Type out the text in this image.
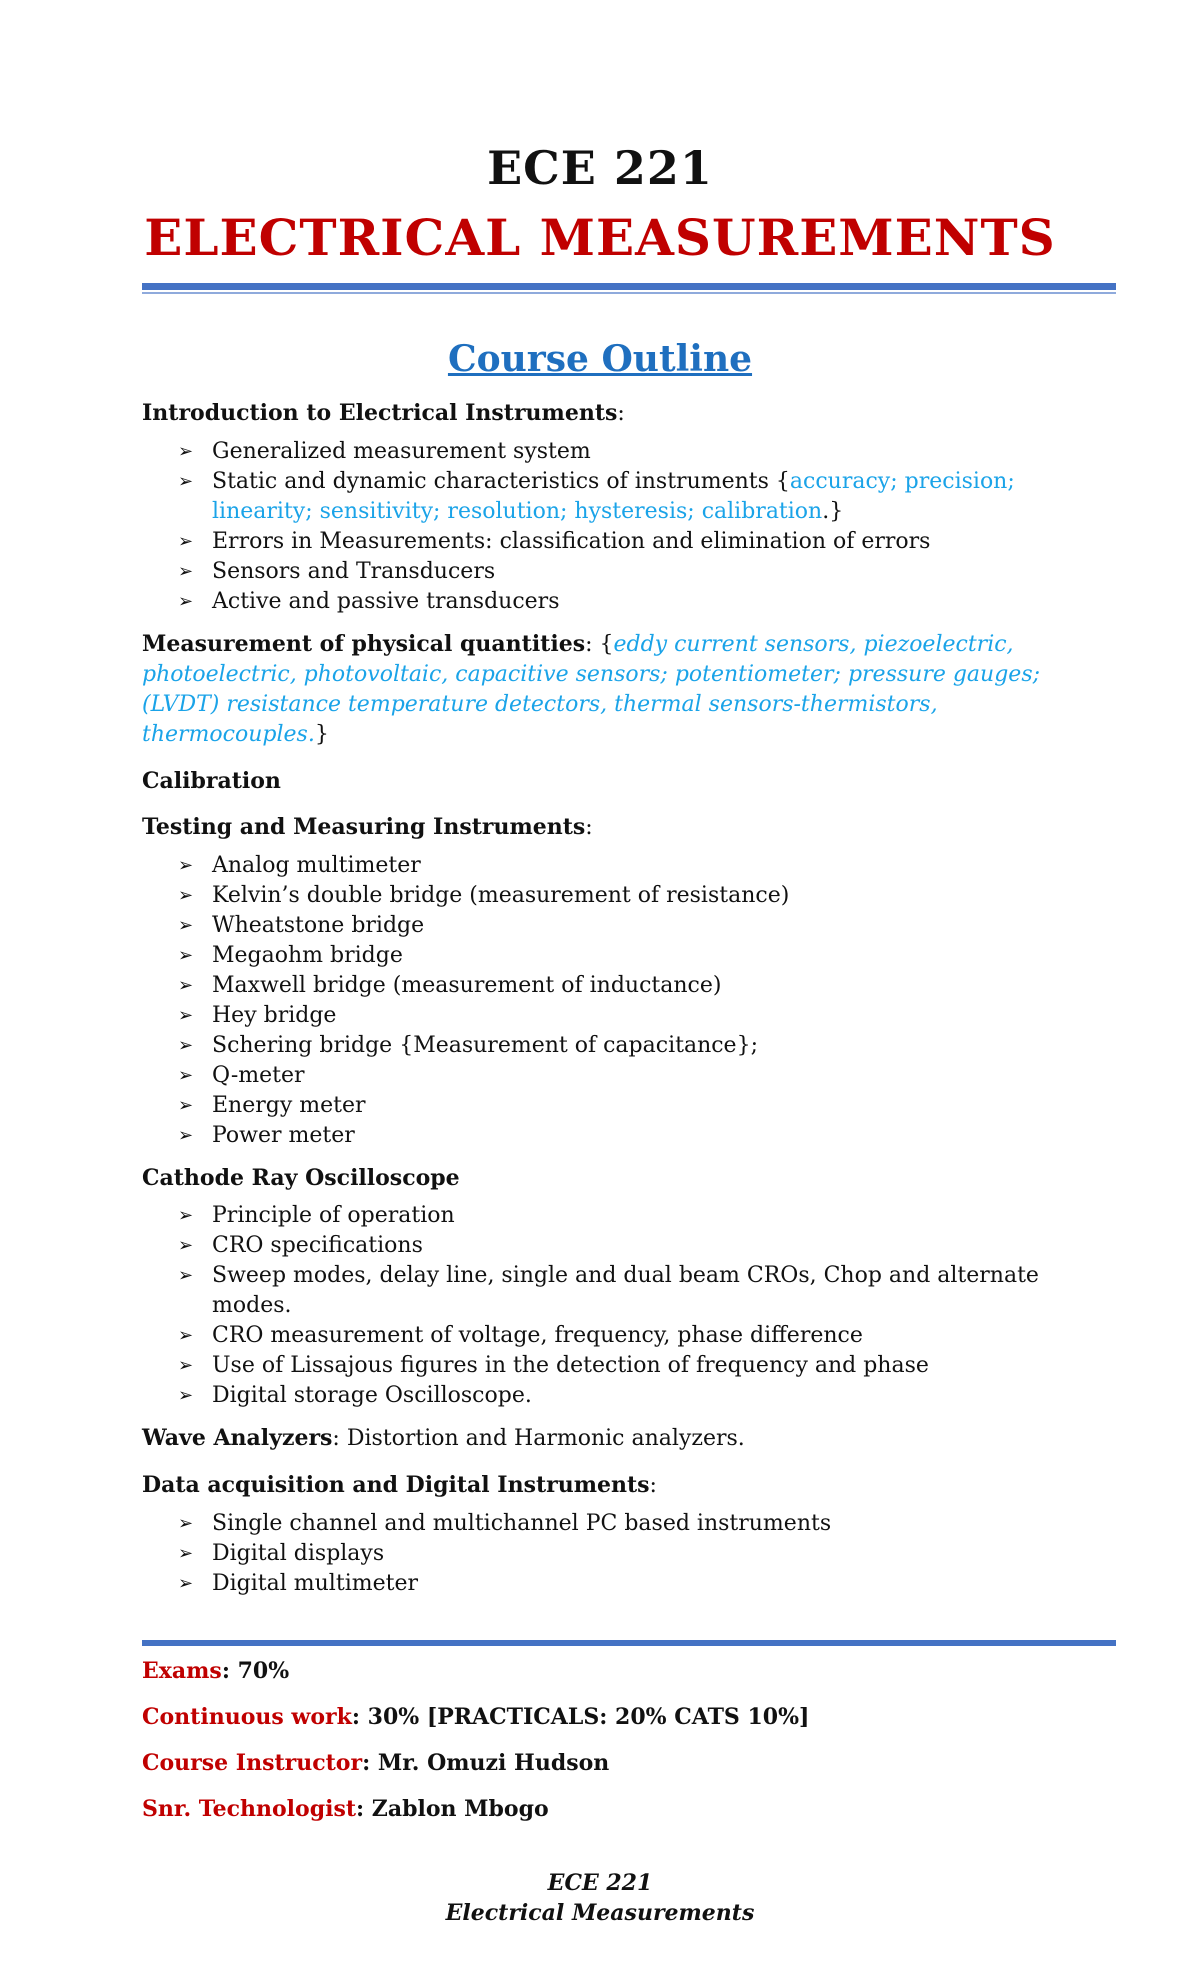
ECE 221
ELECTRICAL MEASUREMENTS
Course Outline

Introduction to Electrical Instruments:

➢ Generalized measurement system
➢ Static and dynamic characteristics of instruments {accuracy; precision; linearity; sensitivity; resolution; hysteresis; calibration.}
➢ Errors in Measurements: classification and elimination of errors
➢ Sensors and Transducers
➢ Active and passive transducers

Measurement of physical quantities: {eddy current sensors, piezoelectric, photoelectric, photovoltaic, capacitive sensors; potentiometer; pressure gauges; (LVDT) resistance temperature detectors, thermal sensors-thermistors, thermocouples.}

Calibration

Testing and Measuring Instruments:

➢ Analog multimeter
➢ Kelvin’s double bridge (measurement of resistance)
➢ Wheatstone bridge
➢ Megaohm bridge
➢ Maxwell bridge (measurement of inductance)
➢ Hey bridge
➢ Schering bridge {Measurement of capacitance};
➢ Q-meter
➢ Energy meter
➢ Power meter

Cathode Ray Oscilloscope

➢ Principle of operation
➢ CRO specifications
➢ Sweep modes, delay line, single and dual beam CROs, Chop and alternate modes.
➢ CRO measurement of voltage, frequency, phase difference
➢ Use of Lissajous figures in the detection of frequency and phase
➢ Digital storage Oscilloscope.

Wave Analyzers: Distortion and Harmonic analyzers.

Data acquisition and Digital Instruments:

➢ Single channel and multichannel PC based instruments
➢ Digital displays
➢ Digital multimeter

Exams: 70%

Continuous work: 30% [PRACTICALS: 20% CATS 10%]

Course Instructor: Mr. Omuzi Hudson

Snr. Technologist: Zablon Mbogo

ECE 221
Electrical Measurements
